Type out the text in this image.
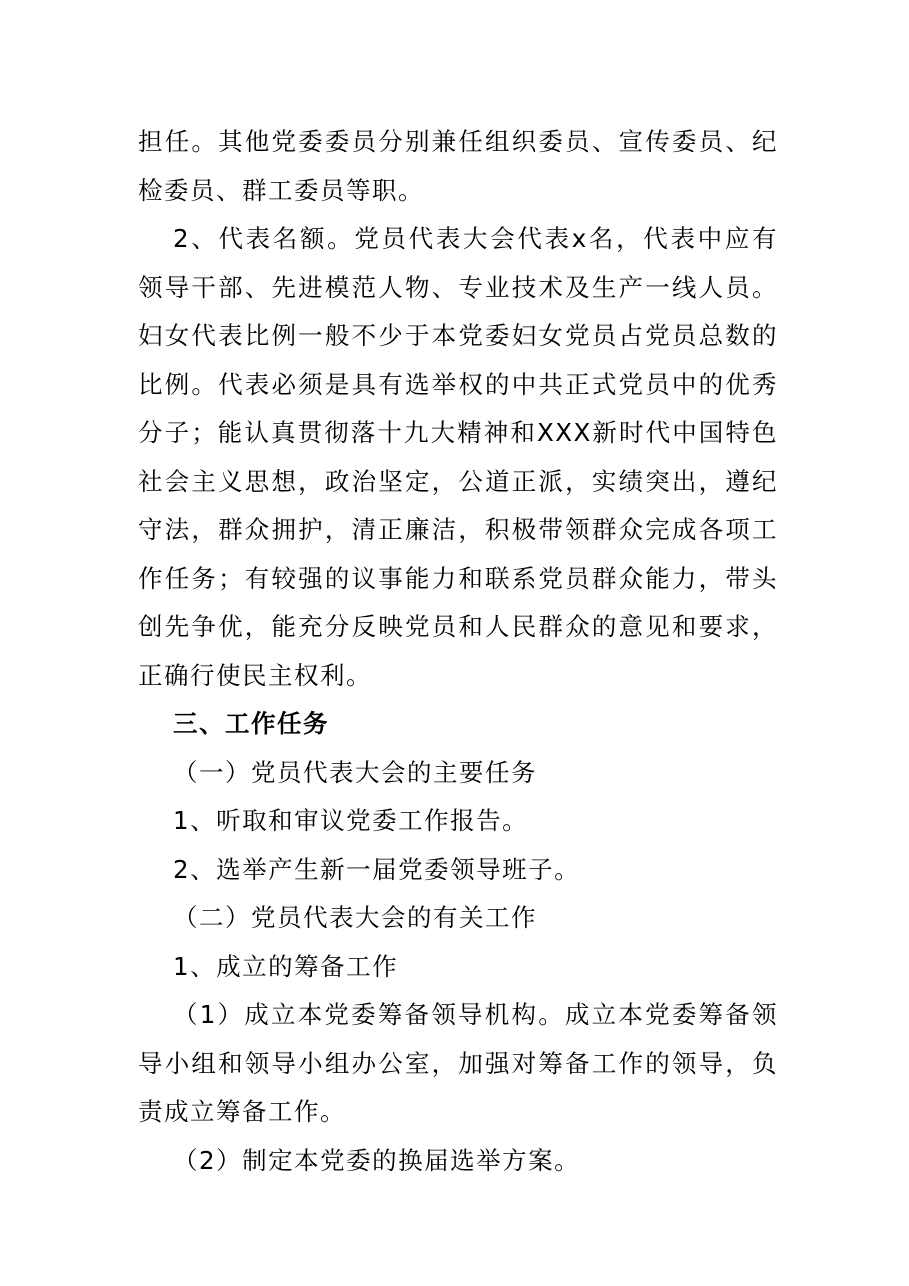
担任。其他党委委员分别兼任组织委员、宣传委员、纪检委员、群工委员等职。

2、代表名额。党员代表大会代表x名，代表中应有领导干部、先进模范人物、专业技术及生产一线人员。妇女代表比例一般不少于本党委妇女党员占党员总数的比例。代表必须是具有选举权的中共正式党员中的优秀分子；能认真贯彻落十九大精神和XXX新时代中国特色社会主义思想，政治坚定，公道正派，实绩突出，遵纪守法，群众拥护，清正廉洁，积极带领群众完成各项工作任务；有较强的议事能力和联系党员群众能力，带头创先争优，能充分反映党员和人民群众的意见和要求，正确行使民主权利。

三、工作任务

（一）党员代表大会的主要任务

1、听取和审议党委工作报告。

2、选举产生新一届党委领导班子。

（二）党员代表大会的有关工作

1、成立的筹备工作

（1）成立本党委筹备领导机构。成立本党委筹备领导小组和领导小组办公室，加强对筹备工作的领导，负责成立筹备工作。

（2）制定本党委的换届选举方案。
